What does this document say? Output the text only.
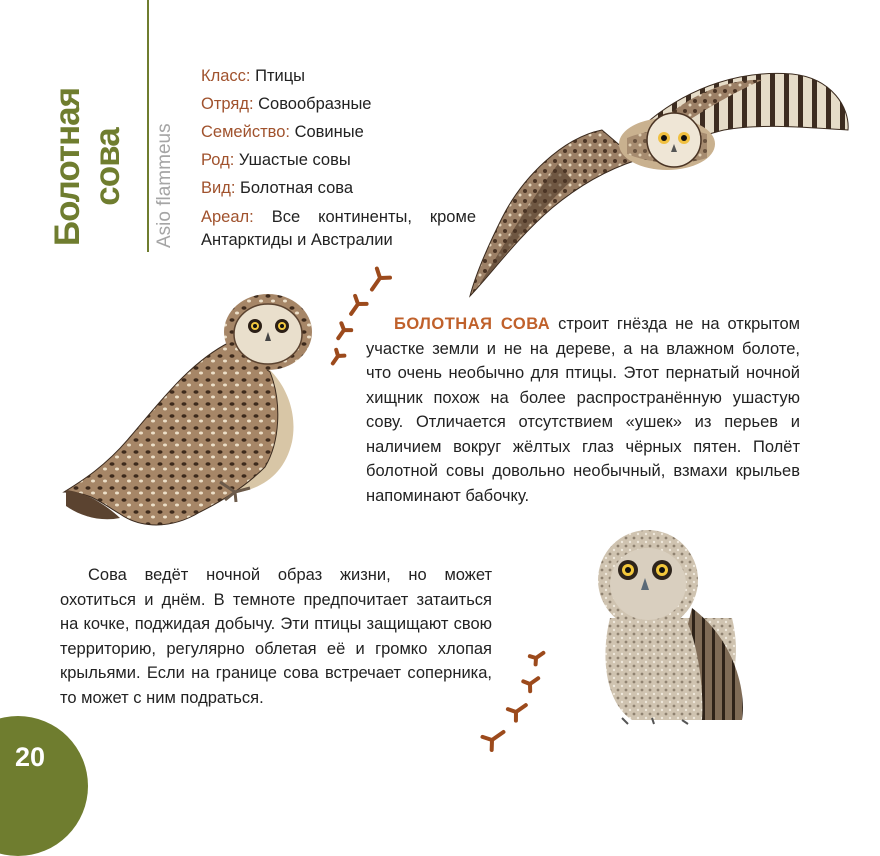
Болотная сова Asio flammeus
Класс: Птицы
Отряд: Совообразные
Семейство: Совиные
Род: Ушастые совы
Вид: Болотная сова
Ареал: Все континенты, кроме Антарктиды и Австралии
БОЛОТНАЯ СОВА строит гнёзда не на открытом участке земли и не на дереве, а на влажном болоте, что очень необычно для птицы. Этот пернатый ночной хищник похож на более распространённую ушастую сову. Отличается отсутствием «ушек» из перьев и наличием вокруг жёлтых глаз чёрных пятен. Полёт болотной совы довольно необычный, взмахи крыльев напоминают бабочку.
Сова ведёт ночной образ жизни, но может охотиться и днём. В темноте предпочитает затаиться на кочке, поджидая добычу. Эти птицы защищают свою территорию, регулярно облетая её и громко хлопая крыльями. Если на границе сова встречает соперника, то может с ним подраться.
20
